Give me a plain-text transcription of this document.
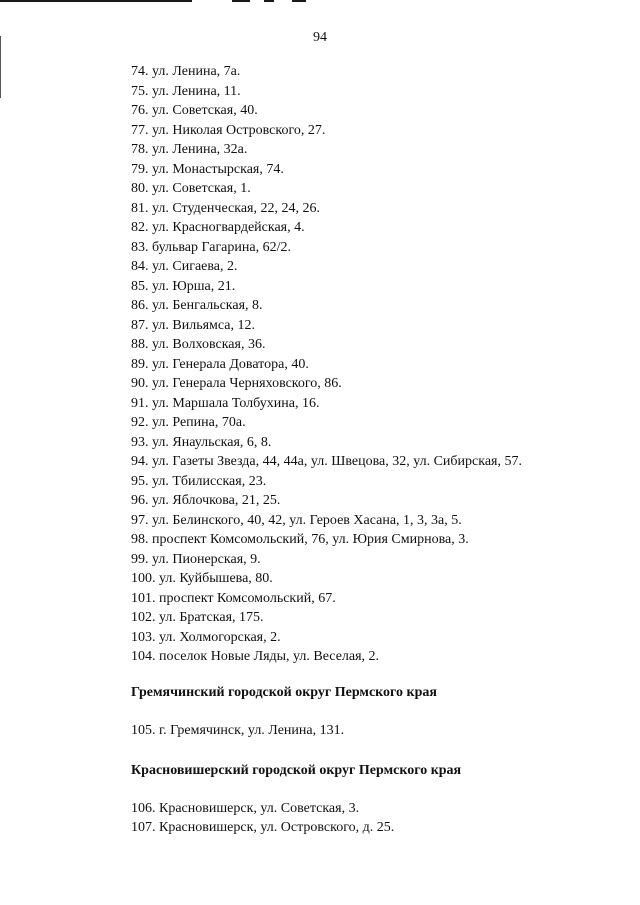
94
74. ул. Ленина, 7а.
75. ул. Ленина, 11.
76. ул. Советская, 40.
77. ул. Николая Островского, 27.
78. ул. Ленина, 32а.
79. ул. Монастырская, 74.
80. ул. Советская, 1.
81. ул. Студенческая, 22, 24, 26.
82. ул. Красногвардейская, 4.
83. бульвар Гагарина, 62/2.
84. ул. Сигаева, 2.
85. ул. Юрша, 21.
86. ул. Бенгальская, 8.
87. ул. Вильямса, 12.
88. ул. Волховская, 36.
89. ул. Генерала Доватора, 40.
90. ул. Генерала Черняховского, 86.
91. ул. Маршала Толбухина, 16.
92. ул. Репина, 70а.
93. ул. Янаульская, 6, 8.
94. ул. Газеты Звезда, 44, 44а, ул. Швецова, 32, ул. Сибирская, 57.
95. ул. Тбилисская, 23.
96. ул. Яблочкова, 21, 25.
97. ул. Белинского, 40, 42, ул. Героев Хасана, 1, 3, 3а, 5.
98. проспект Комсомольский, 76, ул. Юрия Смирнова, 3.
99. ул. Пионерская, 9.
100. ул. Куйбышева, 80.
101. проспект Комсомольский, 67.
102. ул. Братская, 175.
103. ул. Холмогорская, 2.
104. поселок Новые Ляды, ул. Веселая, 2.
Гремячинский городской округ Пермского края
105. г. Гремячинск, ул. Ленина, 131.
Красновишерский городской округ Пермского края
106. Красновишерск, ул. Советская, 3.
107. Красновишерск, ул. Островского, д. 25.
